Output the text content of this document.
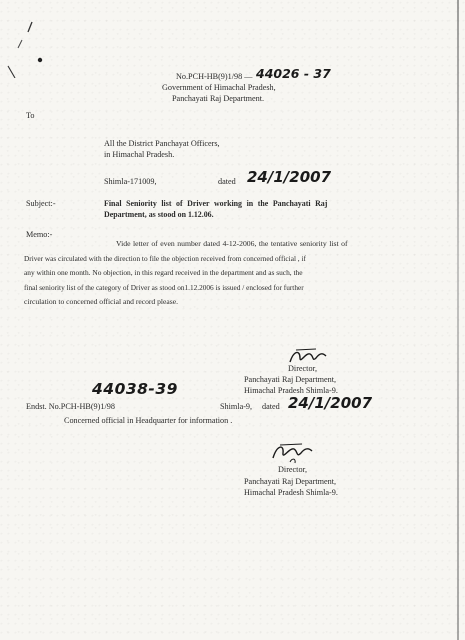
No.PCH-HB(9)1/98 — 44026 - 37
Government of Himachal Pradesh,
Panchayati Raj Department.
To
All the District Panchayat Officers,
in Himachal Pradesh.
Shimla-171009,	dated 24/1/2007
Subject:-	Final Seniority list of Driver working in the Panchayati Raj
Department, as stood on 1.12.06.
Memo:-
Vide letter of even number dated 4-12-2006, the tentative seniority list of
Driver was circulated with the direction to file the objection received from concerned official , if
any within one month. No objection, in this regard received in the department and as such, the
final seniority list of the category of Driver as stood on1.12.2006 is issued / enclosed for further
circulation to concerned official and record please.
Director,
Panchayati Raj Department,
Himachal Pradesh Shimla-9.
44038-39
Endst. No.PCH-HB(9)1/98	Shimla-9, dated 24/1/2007
Concerned official in Headquarter for information .
Director,
Panchayati Raj Department,
Himachal Pradesh Shimla-9.
